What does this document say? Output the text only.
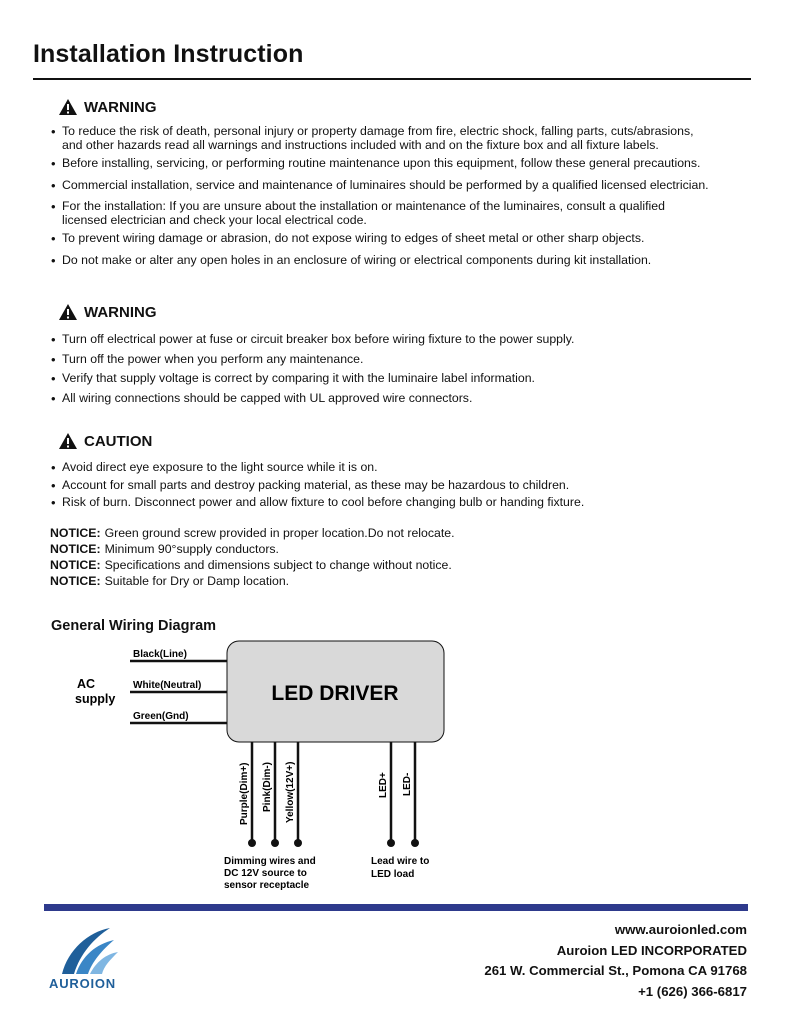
Installation Instruction
WARNING
• To reduce the risk of death, personal injury or property damage from fire, electric shock, falling parts, cuts/abrasions,
and other hazards read all warnings and instructions included with and on the fixture box and all fixture labels.
• Before installing, servicing, or performing routine maintenance upon this equipment, follow these general precautions.
• Commercial installation, service and maintenance of luminaires should be performed by a qualified licensed electrician.
• For the installation: If you are unsure about the installation or maintenance of the luminaires, consult a qualified
licensed electrician and check your local electrical code.
• To prevent wiring damage or abrasion, do not expose wiring to edges of sheet metal or other sharp objects.
• Do not make or alter any open holes in an enclosure of wiring or electrical components during kit installation.
WARNING
• Turn off electrical power at fuse or circuit breaker box before wiring fixture to the power supply.
• Turn off the power when you perform any maintenance.
• Verify that supply voltage is correct by comparing it with the luminaire label information.
• All wiring connections should be capped with UL approved wire connectors.
CAUTION
• Avoid direct eye exposure to the light source while it is on.
• Account for small parts and destroy packing material, as these may be hazardous to children.
• Risk of burn. Disconnect power and allow fixture to cool before changing bulb or handing fixture.
NOTICE: Green ground screw provided in proper location.Do not relocate.
NOTICE: Minimum 90°supply conductors.
NOTICE: Specifications and dimensions subject to change without notice.
NOTICE: Suitable for Dry or Damp location.
General Wiring Diagram
LED DRIVER
AC
supply
Black(Line)
White(Neutral)
Green(Gnd)
Purple(Dim+) Pink(Dim-) Yellow(12V+)	LED+ LED-
Dimming wires and
DC 12V source to
sensor receptacle
Lead wire to
LED load
AUROION
www.auroionled.com
Auroion LED INCORPORATED
261 W. Commercial St., Pomona CA 91768
+1 (626) 366-6817
